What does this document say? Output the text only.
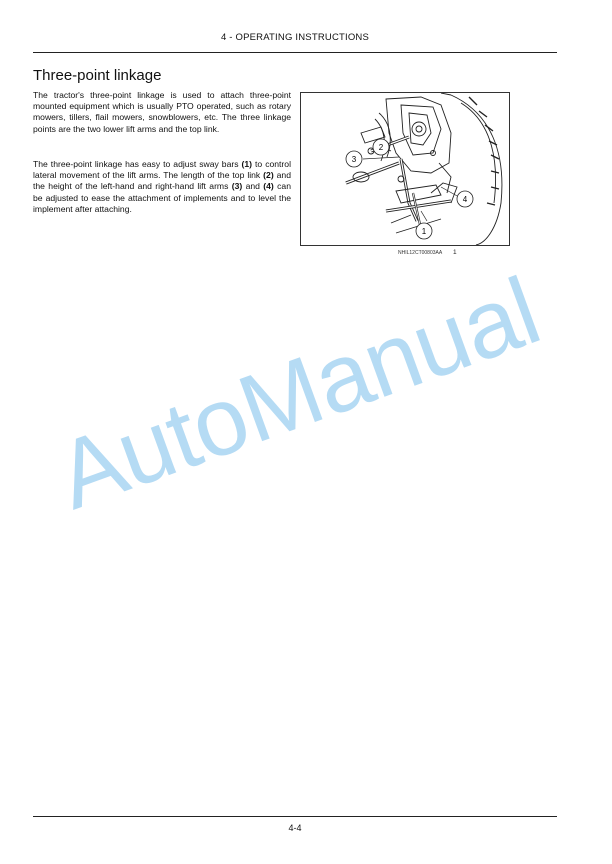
4 - OPERATING INSTRUCTIONS
Three-point linkage
The tractor's three-point linkage is used to attach three-point mounted equipment which is usually PTO operated, such as rotary mowers, tillers, flail mowers, snowblowers, etc. The three linkage points are the two lower lift arms and the top link.
The three-point linkage has easy to adjust sway bars (1) to control lateral movement of the lift arms. The length of the top link (2) and the height of the left-hand and right-hand lift arms (3) and (4) can be adjusted to ease the attachment of implements and to level the implement after attaching.
1
2
3
4
NHIL12CT00803AA 1
AutoManual
4-4
